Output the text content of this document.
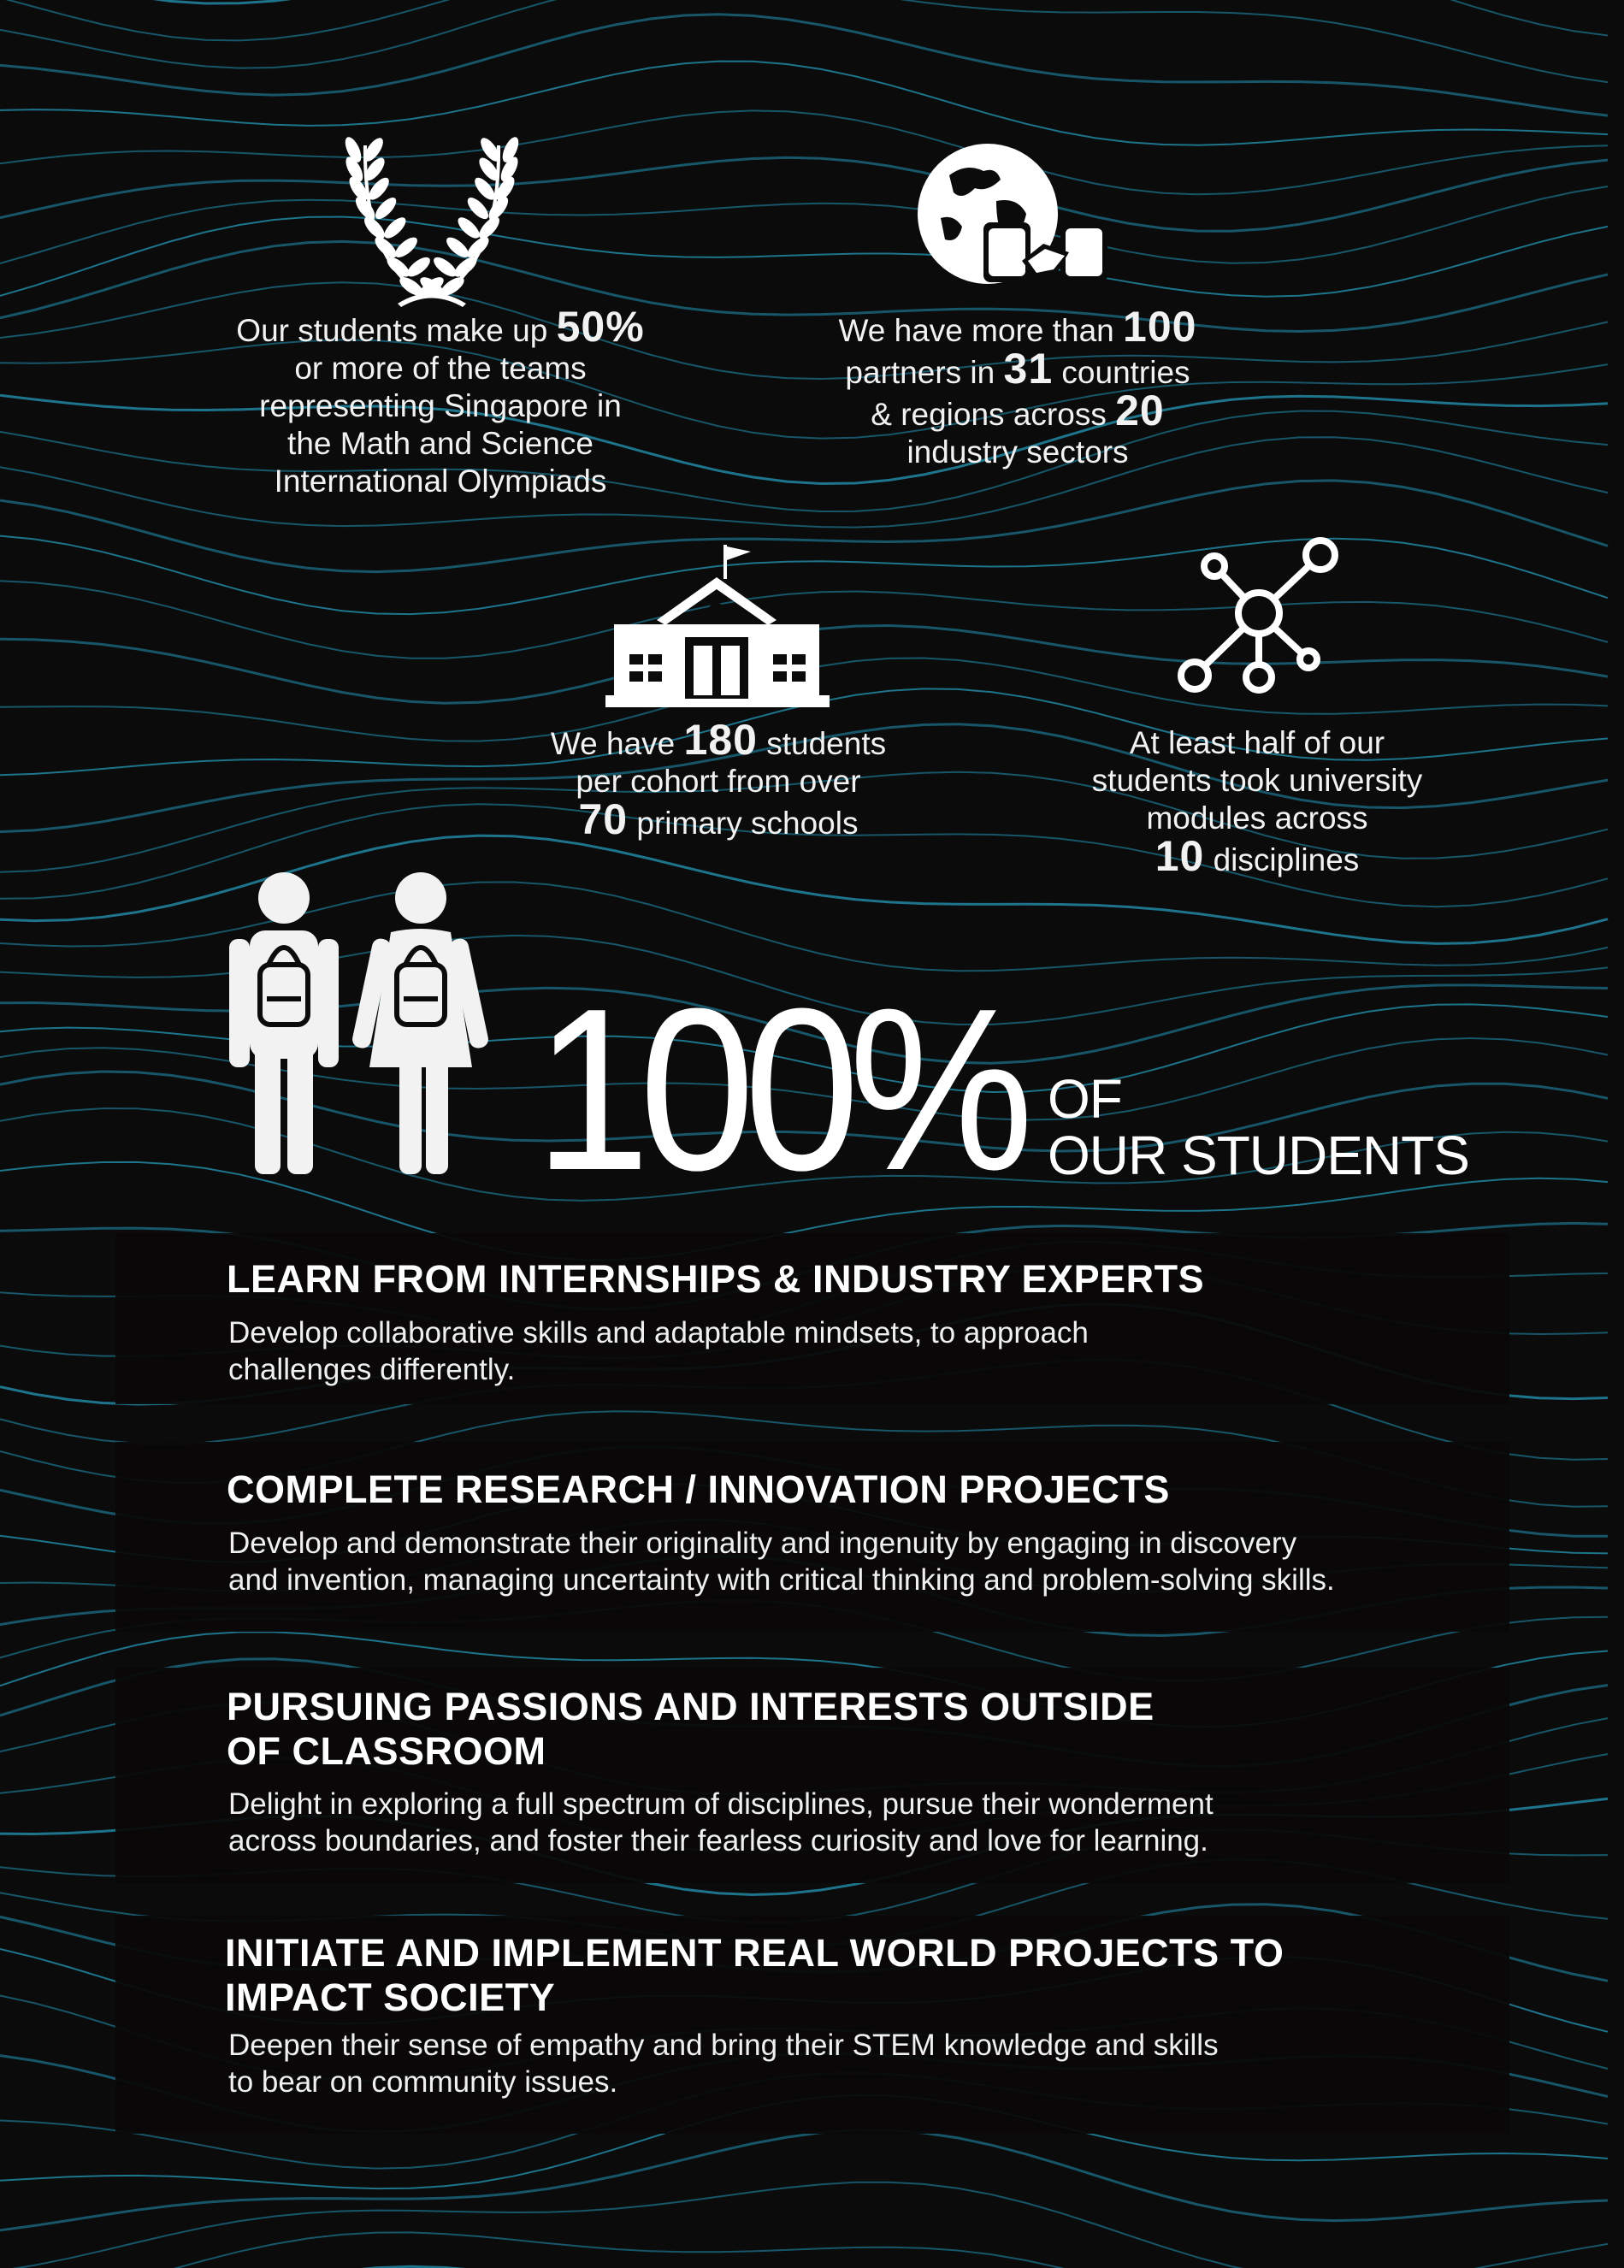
Our students make up 50%
or more of the teams
representing Singapore in
the Math and Science
International Olympiads
We have more than 100
partners in 31 countries
& regions across 20
industry sectors
We have 180 students
per cohort from over
70 primary schools
At least half of our
students took university
modules across
10 disciplines
100% OF
OUR STUDENTS
LEARN FROM INTERNSHIPS & INDUSTRY EXPERTS

Develop collaborative skills and adaptable mindsets, to approach
challenges differently.

COMPLETE RESEARCH / INNOVATION PROJECTS

Develop and demonstrate their originality and ingenuity by engaging in discovery
and invention, managing uncertainty with critical thinking and problem-solving skills.

PURSUING PASSIONS AND INTERESTS OUTSIDE
OF CLASSROOM

Delight in exploring a full spectrum of disciplines, pursue their wonderment
across boundaries, and foster their fearless curiosity and love for learning.

INITIATE AND IMPLEMENT REAL WORLD PROJECTS TO
IMPACT SOCIETY

Deepen their sense of empathy and bring their STEM knowledge and skills
to bear on community issues.
